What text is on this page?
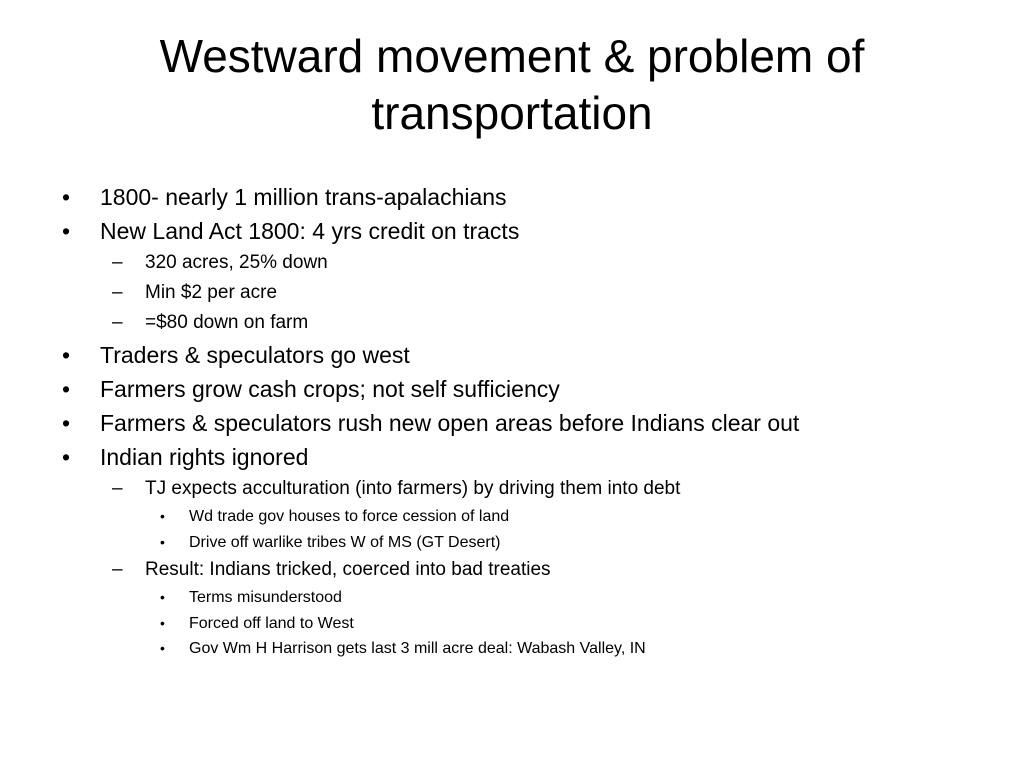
Westward movement & problem of transportation
• 1800- nearly 1 million trans-apalachians
• New Land Act 1800: 4 yrs credit on tracts
– 320 acres, 25% down
– Min $2 per acre
– =$80 down on farm
• Traders & speculators go west
• Farmers grow cash crops; not self sufficiency
• Farmers & speculators rush new open areas before Indians clear out
• Indian rights ignored
– TJ expects acculturation (into farmers) by driving them into debt
• Wd trade gov houses to force cession of land
• Drive off warlike tribes W of MS (GT Desert)
– Result: Indians tricked, coerced into bad treaties
• Terms misunderstood
• Forced off land to West
• Gov Wm H Harrison gets last 3 mill acre deal: Wabash Valley, IN
